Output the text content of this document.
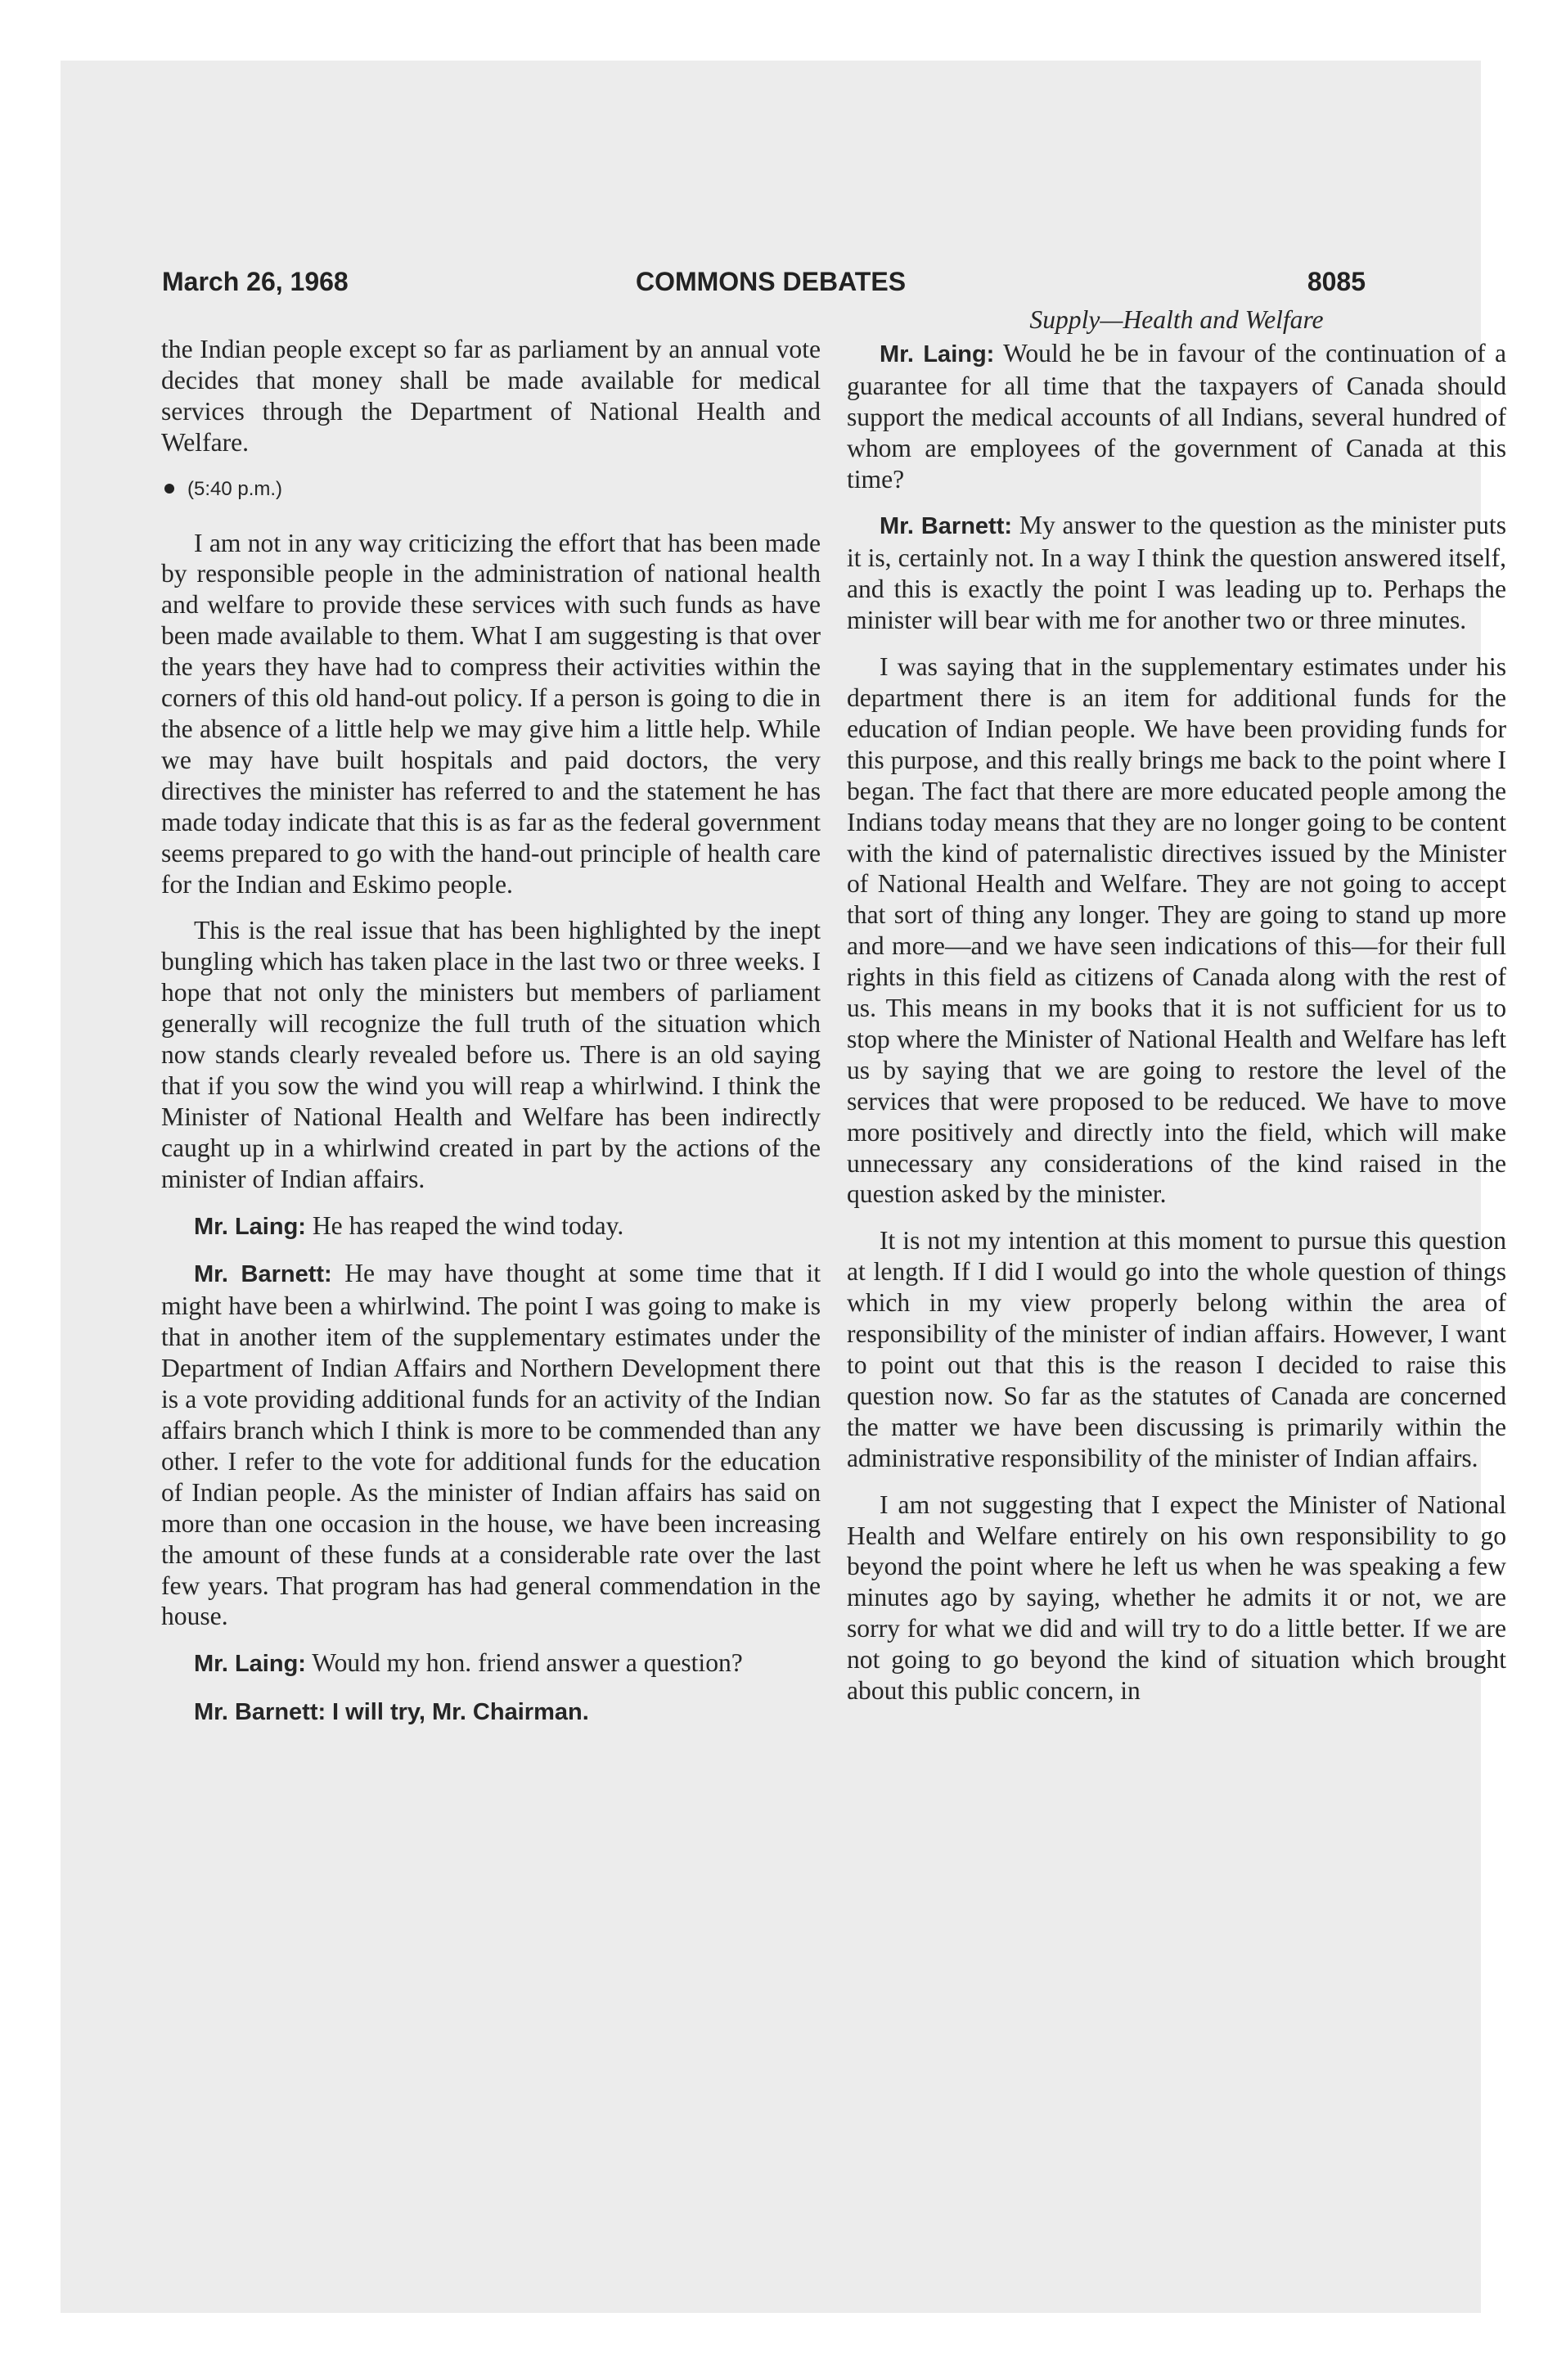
March 26, 1968	COMMONS DEBATES	8085

the Indian people except so far as parliament by an annual vote decides that money shall be made available for medical services through the Department of National Health and Welfare.

(5:40 p.m.)

I am not in any way criticizing the effort that has been made by responsible people in the administration of national health and welfare to provide these services with such funds as have been made available to them. What I am suggesting is that over the years they have had to compress their activities within the corners of this old hand-out policy. If a person is going to die in the absence of a little help we may give him a little help. While we may have built hospitals and paid doctors, the very directives the minister has referred to and the statement he has made today indicate that this is as far as the federal government seems prepared to go with the hand-out principle of health care for the Indian and Eskimo people.

This is the real issue that has been highlighted by the inept bungling which has taken place in the last two or three weeks. I hope that not only the ministers but members of parliament generally will recognize the full truth of the situation which now stands clearly revealed before us. There is an old saying that if you sow the wind you will reap a whirlwind. I think the Minister of National Health and Welfare has been indirectly caught up in a whirlwind created in part by the actions of the minister of Indian affairs.

Mr. Laing: He has reaped the wind today.

Mr. Barnett: He may have thought at some time that it might have been a whirlwind. The point I was going to make is that in another item of the supplementary estimates under the Department of Indian Affairs and Northern Development there is a vote providing additional funds for an activity of the Indian affairs branch which I think is more to be commended than any other. I refer to the vote for additional funds for the education of Indian people. As the minister of Indian affairs has said on more than one occasion in the house, we have been increasing the amount of these funds at a considerable rate over the last few years. That program has had general commendation in the house.

Mr. Laing: Would my hon. friend answer a question?

Mr. Barnett: I will try, Mr. Chairman.

Supply—Health and Welfare

Mr. Laing: Would he be in favour of the continuation of a guarantee for all time that the taxpayers of Canada should support the medical accounts of all Indians, several hundred of whom are employees of the government of Canada at this time?

Mr. Barnett: My answer to the question as the minister puts it is, certainly not. In a way I think the question answered itself, and this is exactly the point I was leading up to. Perhaps the minister will bear with me for another two or three minutes.

I was saying that in the supplementary estimates under his department there is an item for additional funds for the education of Indian people. We have been providing funds for this purpose, and this really brings me back to the point where I began. The fact that there are more educated people among the Indians today means that they are no longer going to be content with the kind of paternalistic directives issued by the Minister of National Health and Welfare. They are not going to accept that sort of thing any longer. They are going to stand up more and more—and we have seen indications of this—for their full rights in this field as citizens of Canada along with the rest of us. This means in my books that it is not sufficient for us to stop where the Minister of National Health and Welfare has left us by saying that we are going to restore the level of the services that were proposed to be reduced. We have to move more positively and directly into the field, which will make unnecessary any considerations of the kind raised in the question asked by the minister.

It is not my intention at this moment to pursue this question at length. If I did I would go into the whole question of things which in my view properly belong within the area of responsibility of the minister of indian affairs. However, I want to point out that this is the reason I decided to raise this question now. So far as the statutes of Canada are concerned the matter we have been discussing is primarily within the administrative responsibility of the minister of Indian affairs.

I am not suggesting that I expect the Minister of National Health and Welfare entirely on his own responsibility to go beyond the point where he left us when he was speaking a few minutes ago by saying, whether he admits it or not, we are sorry for what we did and will try to do a little better. If we are not going to go beyond the kind of situation which brought about this public concern, in
